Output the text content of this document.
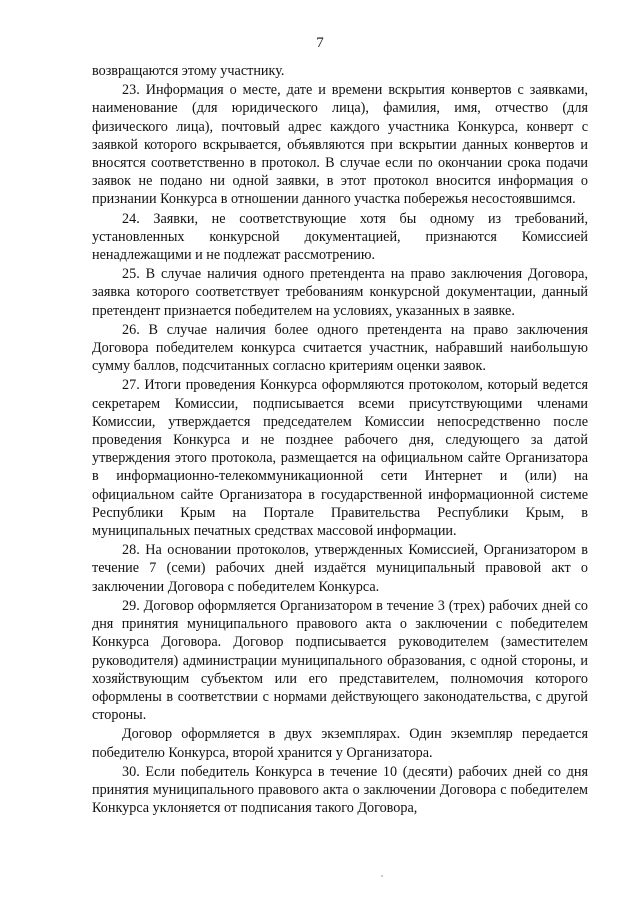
7

возвращаются этому участнику.

23. Информация о месте, дате и времени вскрытия конвертов с заявками, наименование (для юридического лица), фамилия, имя, отчество (для физического лица), почтовый адрес каждого участника Конкурса, конверт с заявкой которого вскрывается, объявляются при вскрытии данных конвертов и вносятся соответственно в протокол. В случае если по окончании срока подачи заявок не подано ни одной заявки, в этот протокол вносится информация о признании Конкурса в отношении данного участка побережья несостоявшимся.

24. Заявки, не соответствующие хотя бы одному из требований, установленных конкурсной документацией, признаются Комиссией ненадлежащими и не подлежат рассмотрению.

25. В случае наличия одного претендента на право заключения Договора, заявка которого соответствует требованиям конкурсной документации, данный претендент признается победителем на условиях, указанных в заявке.

26. В случае наличия более одного претендента на право заключения Договора победителем конкурса считается участник, набравший наибольшую сумму баллов, подсчитанных согласно критериям оценки заявок.

27. Итоги проведения Конкурса оформляются протоколом, который ведется секретарем Комиссии, подписывается всеми присутствующими членами Комиссии, утверждается председателем Комиссии непосредственно после проведения Конкурса и не позднее рабочего дня, следующего за датой утверждения этого протокола, размещается на официальном сайте Организатора в информационно-телекоммуникационной сети Интернет и (или) на официальном сайте Организатора в государственной информационной системе Республики Крым на Портале Правительства Республики Крым, в муниципальных печатных средствах массовой информации.

28. На основании протоколов, утвержденных Комиссией, Организатором в течение 7 (семи) рабочих дней издаётся муниципальный правовой акт о заключении Договора с победителем Конкурса.

29. Договор оформляется Организатором в течение 3 (трех) рабочих дней со дня принятия муниципального правового акта о заключении с победителем Конкурса Договора. Договор подписывается руководителем (заместителем руководителя) администрации муниципального образования, с одной стороны, и хозяйствующим субъектом или его представителем, полномочия которого оформлены в соответствии с нормами действующего законодательства, с другой стороны.

Договор оформляется в двух экземплярах. Один экземпляр передается победителю Конкурса, второй хранится у Организатора.

30. Если победитель Конкурса в течение 10 (десяти) рабочих дней со дня принятия муниципального правового акта о заключении Договора с победителем Конкурса уклоняется от подписания такого Договора,
